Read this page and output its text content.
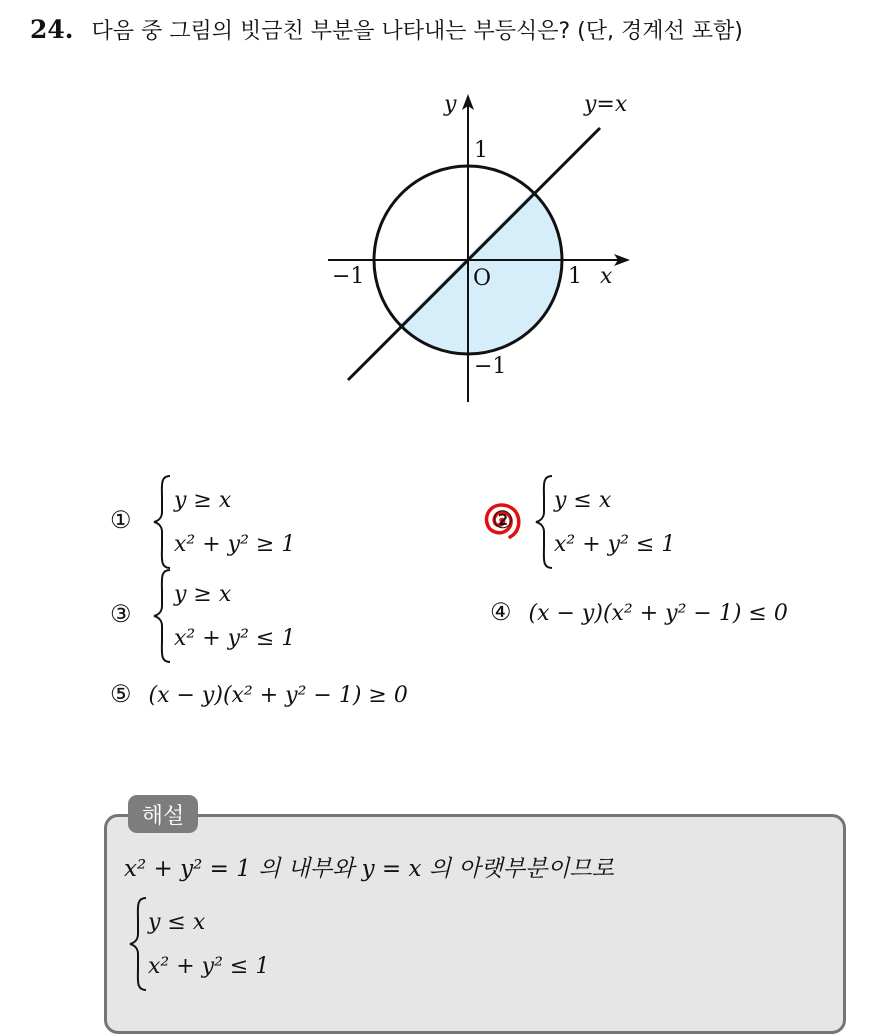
24. 다음 중 그림의 빗금친 부분을 나타내는 부등식은? (단, 경계선 포함)
y	y=x
1
−1	O	1 x
−1
①
y ≥ x
x² + y² ≥ 1
②
y ≤ x
x² + y² ≤ 1
③
y ≥ x
x² + y² ≤ 1
④ (x − y)(x² + y² − 1) ≤ 0
⑤ (x − y)(x² + y² − 1) ≥ 0
해설
x² + y² = 1 의 내부와 y = x 의 아랫부분이므로
y ≤ x
x² + y² ≤ 1
